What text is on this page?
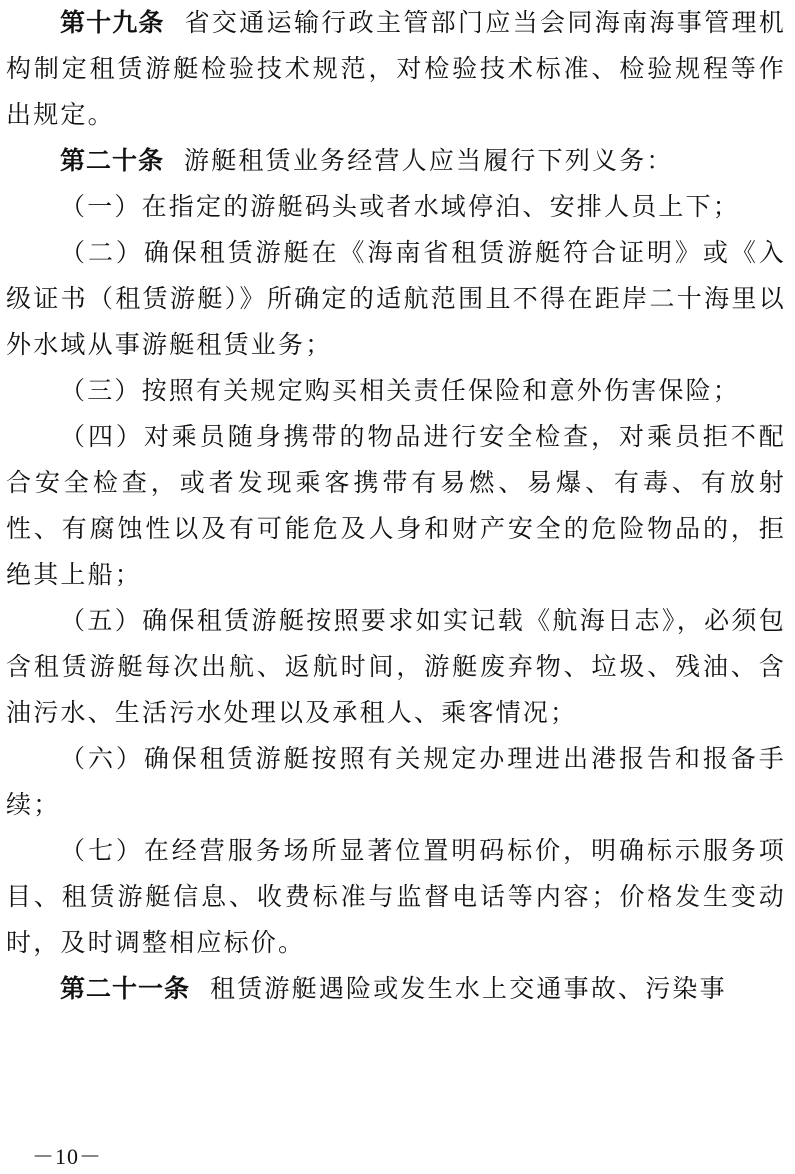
第十九条 省交通运输行政主管部门应当会同海南海事管理机构制定租赁游艇检验技术规范，对检验技术标准、检验规程等作出规定。

第二十条 游艇租赁业务经营人应当履行下列义务：

（一）在指定的游艇码头或者水域停泊、安排人员上下；

（二）确保租赁游艇在《海南省租赁游艇符合证明》或《入级证书（租赁游艇）》所确定的适航范围且不得在距岸二十海里以外水域从事游艇租赁业务；

（三）按照有关规定购买相关责任保险和意外伤害保险；

（四）对乘员随身携带的物品进行安全检查，对乘员拒不配合安全检查，或者发现乘客携带有易燃、易爆、有毒、有放射性、有腐蚀性以及有可能危及人身和财产安全的危险物品的，拒绝其上船；

（五）确保租赁游艇按照要求如实记载《航海日志》，必须包含租赁游艇每次出航、返航时间，游艇废弃物、垃圾、残油、含油污水、生活污水处理以及承租人、乘客情况；

（六）确保租赁游艇按照有关规定办理进出港报告和报备手续；

（七）在经营服务场所显著位置明码标价，明确标示服务项目、租赁游艇信息、收费标准与监督电话等内容；价格发生变动时，及时调整相应标价。

第二十一条 租赁游艇遇险或发生水上交通事故、污染事

－10－
